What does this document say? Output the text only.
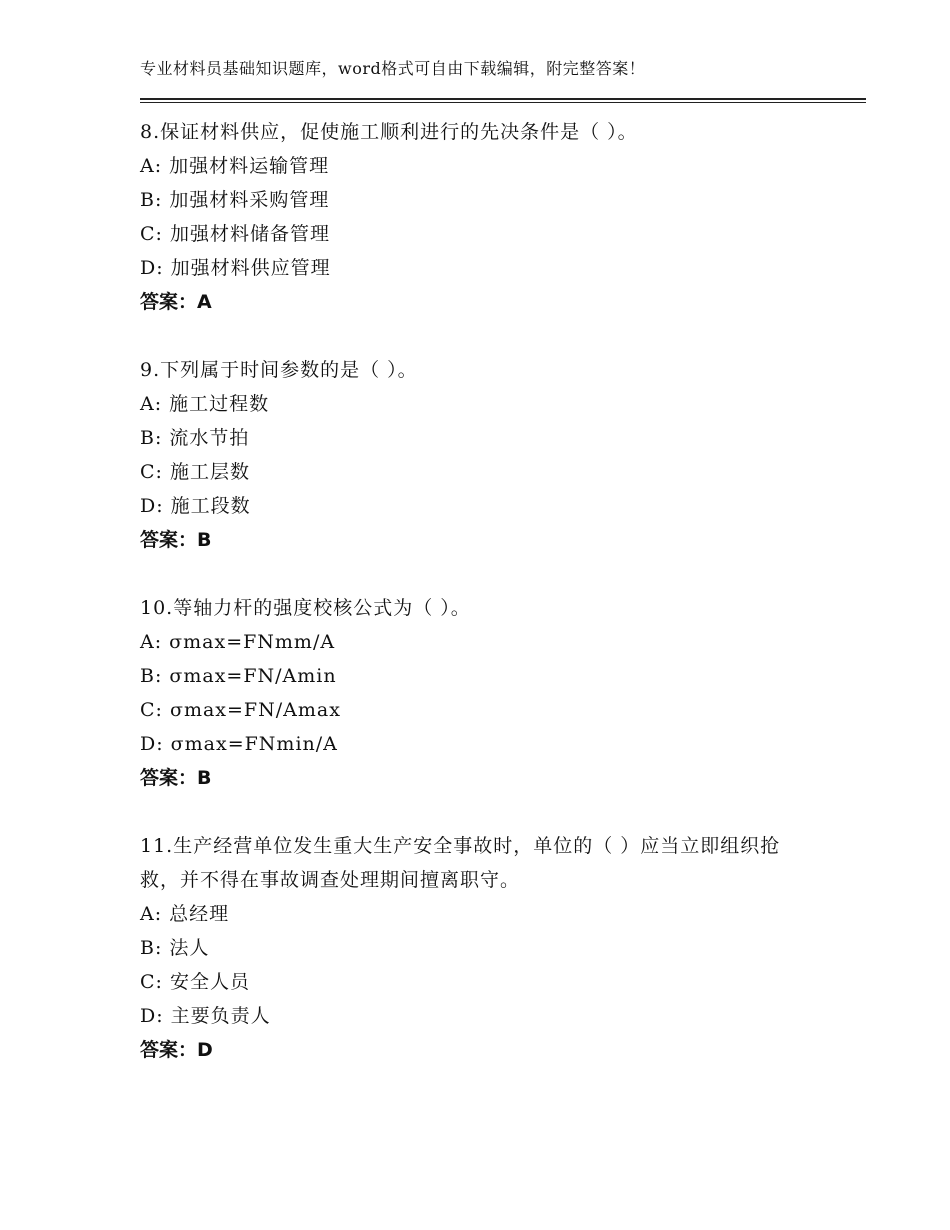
专业材料员基础知识题库，word格式可自由下载编辑，附完整答案！
8.保证材料供应，促使施工顺利进行的先决条件是（ ）。
A: 加强材料运输管理
B: 加强材料采购管理
C: 加强材料储备管理
D: 加强材料供应管理
答案：A
9.下列属于时间参数的是（ ）。
A: 施工过程数
B: 流水节拍
C: 施工层数
D: 施工段数
答案：B
10.等轴力杆的强度校核公式为（ ）。
A: σmax=FNmm/A
B: σmax=FN/Amin
C: σmax=FN/Amax
D: σmax=FNmin/A
答案：B
11.生产经营单位发生重大生产安全事故时，单位的（ ）应当立即组织抢救，并不得在事故调查处理期间擅离职守。
A: 总经理
B: 法人
C: 安全人员
D: 主要负责人
答案：D
